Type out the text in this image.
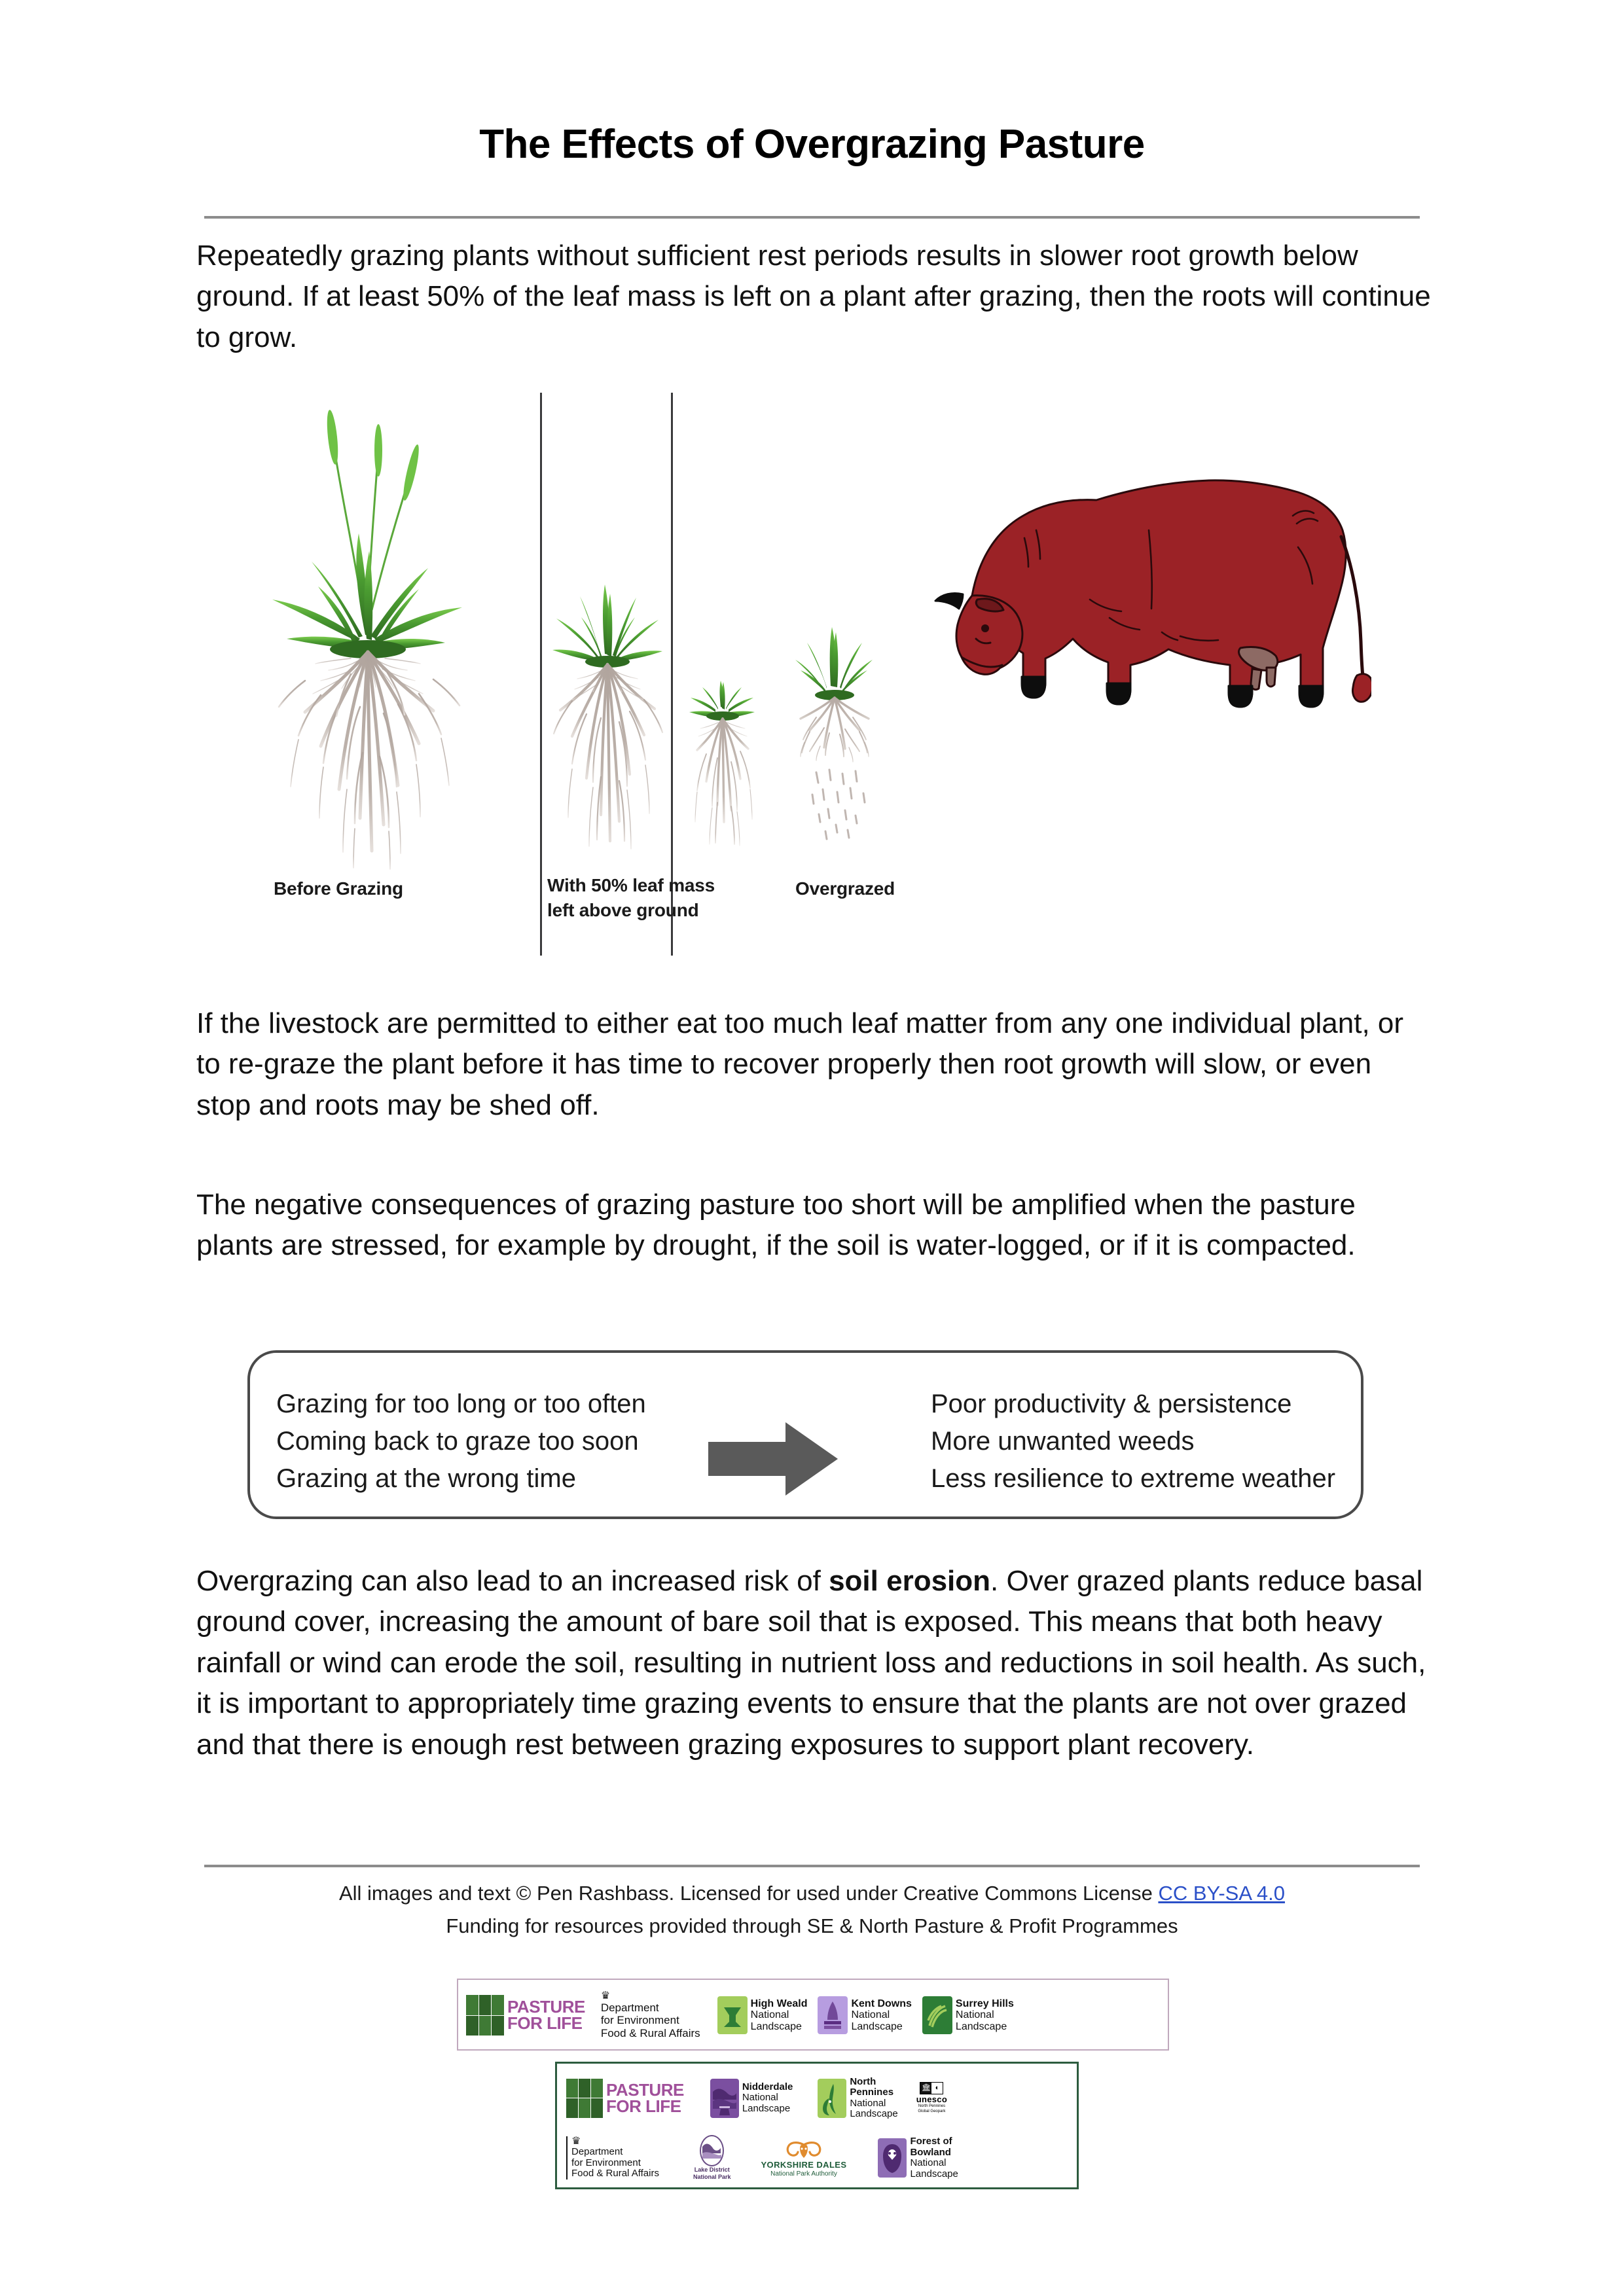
The Effects of Overgrazing Pasture
Repeatedly grazing plants without sufficient rest periods results in slower root growth below ground. If at least 50% of the leaf mass is left on a plant after grazing, then the roots will continue to grow.
Before Grazing	With 50% leaf mass
left above ground
Overgrazed
If the livestock are permitted to either eat too much leaf matter from any one individual plant, or to re-graze the plant before it has time to recover properly then root growth will slow, or even stop and roots may be shed off.
The negative consequences of grazing pasture too short will be amplified when the pasture plants are stressed, for example by drought, if the soil is water-logged, or if it is compacted.
Grazing for too long or too often
Coming back to graze too soon
Grazing at the wrong time
Poor productivity & persistence
More unwanted weeds
Less resilience to extreme weather
Overgrazing can also lead to an increased risk of soil erosion. Over grazed plants reduce basal ground cover, increasing the amount of bare soil that is exposed. This means that both heavy rainfall or wind can erode the soil, resulting in nutrient loss and reductions in soil health. As such, it is important to appropriately time grazing events to ensure that the plants are not over grazed and that there is enough rest between grazing exposures to support plant recovery.
All images and text © Pen Rashbass. Licensed for used under Creative Commons License CC BY-SA 4.0
Funding for resources provided through SE & North Pasture & Profit Programmes
PASTURE
FOR LIFE
♛
Department
for Environment
Food & Rural Affairs
High Weald
National
Landscape
Kent Downs
National
Landscape
Surrey Hills
National
Landscape
PASTURE
FOR LIFE
Nidderdale
National
Landscape
North
Pennines
National
Landscape
🏛 ◐
unesco
North Pennines
Global Geopark
♛
Department
for Environment
Food & Rural Affairs	Lake District
National Park
YORKSHIRE DALES
National Park Authority
Forest of
Bowland
National
Landscape
